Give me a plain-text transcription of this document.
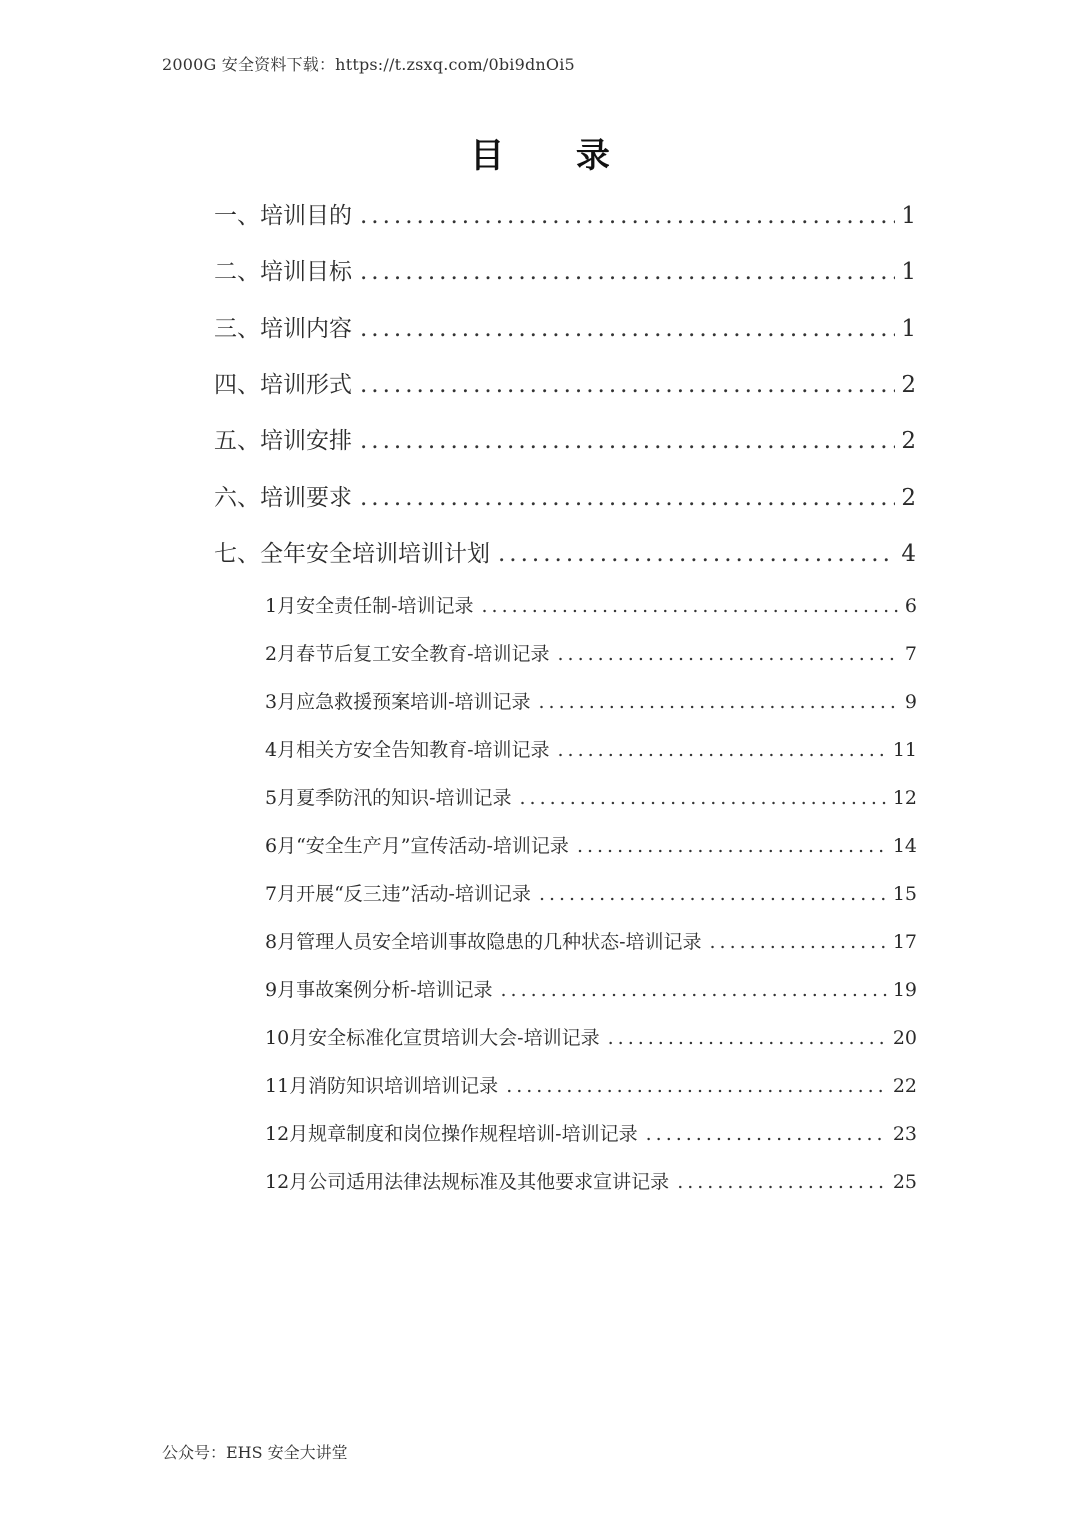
2000G 安全资料下载：https://t.zsxq.com/0bi9dnOi5
目 录
一、培训目的 .....	1
二、培训目标 .....	1
三、培训内容 .....	1
四、培训形式 .....	2
五、培训安排 .....	2
六、培训要求 .....	2
七、全年安全培训培训计划 .....	4
1月安全责任制-培训记录 .....	6
2月春节后复工安全教育-培训记录 .....	7
3月应急救援预案培训-培训记录 .....	9
4月相关方安全告知教育-培训记录 .....	11
5月夏季防汛的知识-培训记录 .....	12
6月“安全生产月”宣传活动-培训记录 .....	14
7月开展“反三违”活动-培训记录 .....	15
8月管理人员安全培训事故隐患的几种状态-培训记录 .....	17
9月事故案例分析-培训记录 .....	19
10月安全标准化宣贯培训大会-培训记录 .....	20
11月消防知识培训培训记录 .....	22
12月规章制度和岗位操作规程培训-培训记录 .....	23
12月公司适用法律法规标准及其他要求宣讲记录 .....	25
公众号：EHS 安全大讲堂
